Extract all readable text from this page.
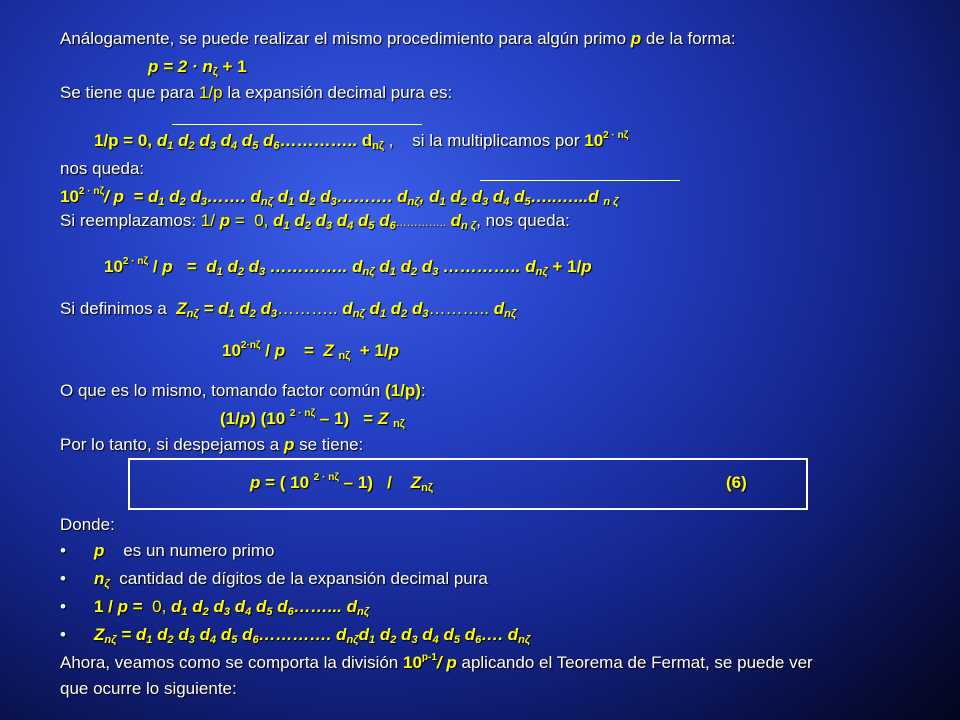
Análogamente, se puede realizar el mismo procedimiento para algún primo p de la forma:
$p = 2 \cdot n_\zeta + 1$
Se tiene que para 1/p la expansión decimal pura es:
1/p = 0, $d_1$ $d_2$ $d_3$ $d_4$ $d_5$ $d_6\dots\dots\dots\dots$.. $d_{n\zeta}$ ,    si la multiplicamos por $10^{2 \cdot n\zeta}$
nos queda:
$10^{2 \cdot n\zeta}/$ $p = d_1$ $d_2$ $d_3\dots\dots$. $d_{n\zeta}$ $d_1$ $d_2$ $d_3\dots\dots\dots$. $d_{n\zeta}$, $d_1$ $d_2$ $d_3$ $d_4$ $d_5\dots..\dots...d$ $_{n \zeta}$
Si reemplazamos: 1/ p =  0, $d_1$ $d_2$ $d_3$ $d_4$ $d_5$ $d_6\dots\dots\dots\dots$.. $d_{n \zeta}$, nos queda:
$10^{2 \cdot n\zeta} / p = d_1$ $d_2$ $d_3$ ………….. $d_{n\zeta}$ $d_1$ $d_2$ $d_3$ ………….. $d_{n\zeta} + 1/p$
Si definimos a  $Z_{n\zeta} = d_1$ $d_2$ $d_3\dots\dots\dots$.. $d_{n\zeta}$ $d_1$ $d_2$ $d_3\dots\dots\dots$.. $d_{n\zeta}$
$10^{2\cdot n\zeta}$ / p    =  Z $_{n\zeta}$  + 1/p
O que es lo mismo, tomando factor común (1/p):
(1/p) (10 $^{2 \cdot n\zeta}$ – 1)   = Z $_{n\zeta}$
Por lo tanto, si despejamos a p se tiene:
p = ( 10 $^{2 \cdot n\zeta}$ – 1)   /    $Z_{n\zeta}$	(6)
Donde:
• p es un numero primo
• $n_\zeta$ cantidad de dígitos de la expansión decimal pura
• 1 / p =  0, $d_1$ $d_2$ $d_3$ $d_4$ $d_5$ $d_6\dots\dots$... $d_{n\zeta}$
• $Z_{n\zeta} = d_1$ $d_2$ $d_3$ $d_4$ $d_5$ $d_6\dots\dots\dots\dots$. $d_{n\zeta}d_1$ $d_2$ $d_3$ $d_4$ $d_5$ $d_6\dots$. $d_{n\zeta}$
Ahora, veamos como se comporta la división 10$^{p-1}$/ p aplicando el Teorema de Fermat, se puede ver
que ocurre lo siguiente:
